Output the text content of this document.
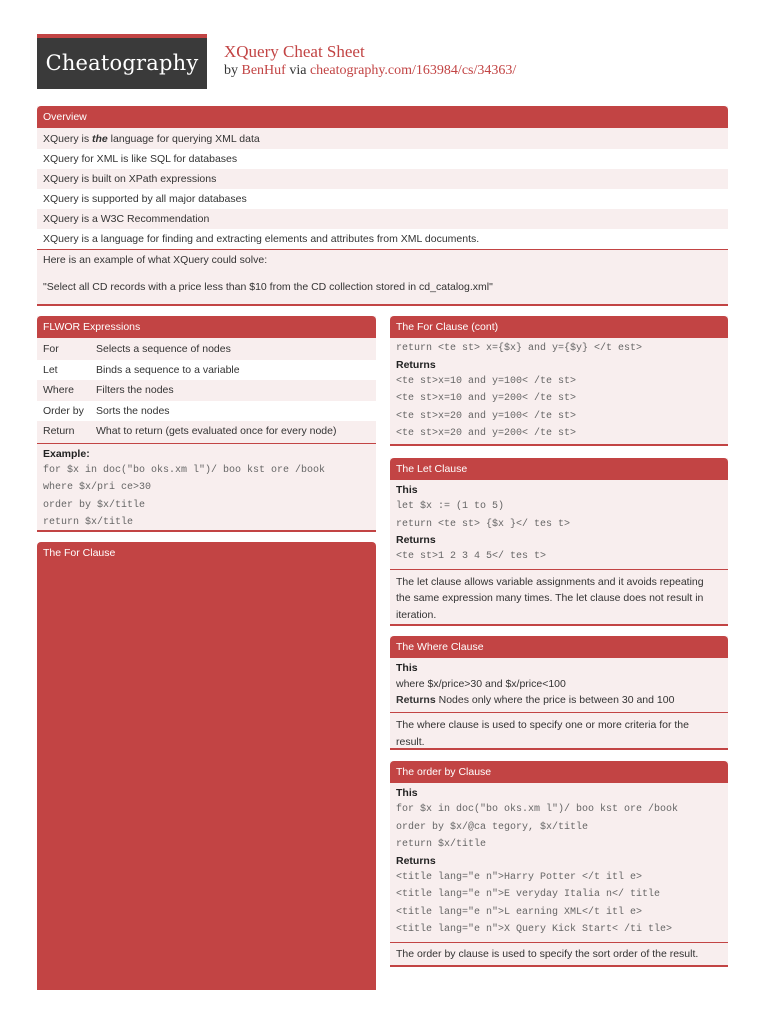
Cheatography	XQuery Cheat Sheet
by BenHuf via cheatography.com/163984/cs/34363/
Overview
XQuery is the language for querying XML data
XQuery for XML is like SQL for databases
XQuery is built on XPath expressions
XQuery is supported by all major databases
XQuery is a W3C Recommendation
XQuery is a language for finding and extracting elements and attributes from XML documents.
Here is an example of what XQuery could solve:
"Select all CD records with a price less than $10 from the CD collection stored in cd_catalog.xml"
FLWOR Expressions
For	Selects a sequence of nodes
Let	Binds a sequence to a variable
Where	Filters the nodes
Order by	Sorts the nodes
Return	What to return (gets evaluated once for every node)
Example:
for $x in doc("bo oks.xm l")/ boo kst ore /book
where $x/pri ce>30
order by $x/title
return $x/title
The For Clause
The For Clause (cont)
return <te st> x={$x} and y={$y} </t est>
Returns
<te st>x=10 and y=100< /te st>
<te st>x=10 and y=200< /te st>
<te st>x=20 and y=100< /te st>
<te st>x=20 and y=200< /te st>
The Let Clause
This
let $x := (1 to 5)
return <te st> {$x }</ tes t>
Returns
<te st>1 2 3 4 5</ tes t>
The let clause allows variable assignments and it avoids repeating the same expression many times. The let clause does not result in iteration.
The Where Clause
This
where $x/price>30 and $x/price<100
Returns Nodes only where the price is between 30 and 100
The where clause is used to specify one or more criteria for the result.
The order by Clause
This
for $x in doc("bo oks.xm l")/ boo kst ore /book
order by $x/@ca tegory, $x/title
return $x/title
Returns
<title lang="e n">Harry Potter </t itl e>
<title lang="e n">E veryday Italia n</ title
<title lang="e n">L earning XML</t itl e>
<title lang="e n">X Query Kick Start< /ti tle>
The order by clause is used to specify the sort order of the result.
